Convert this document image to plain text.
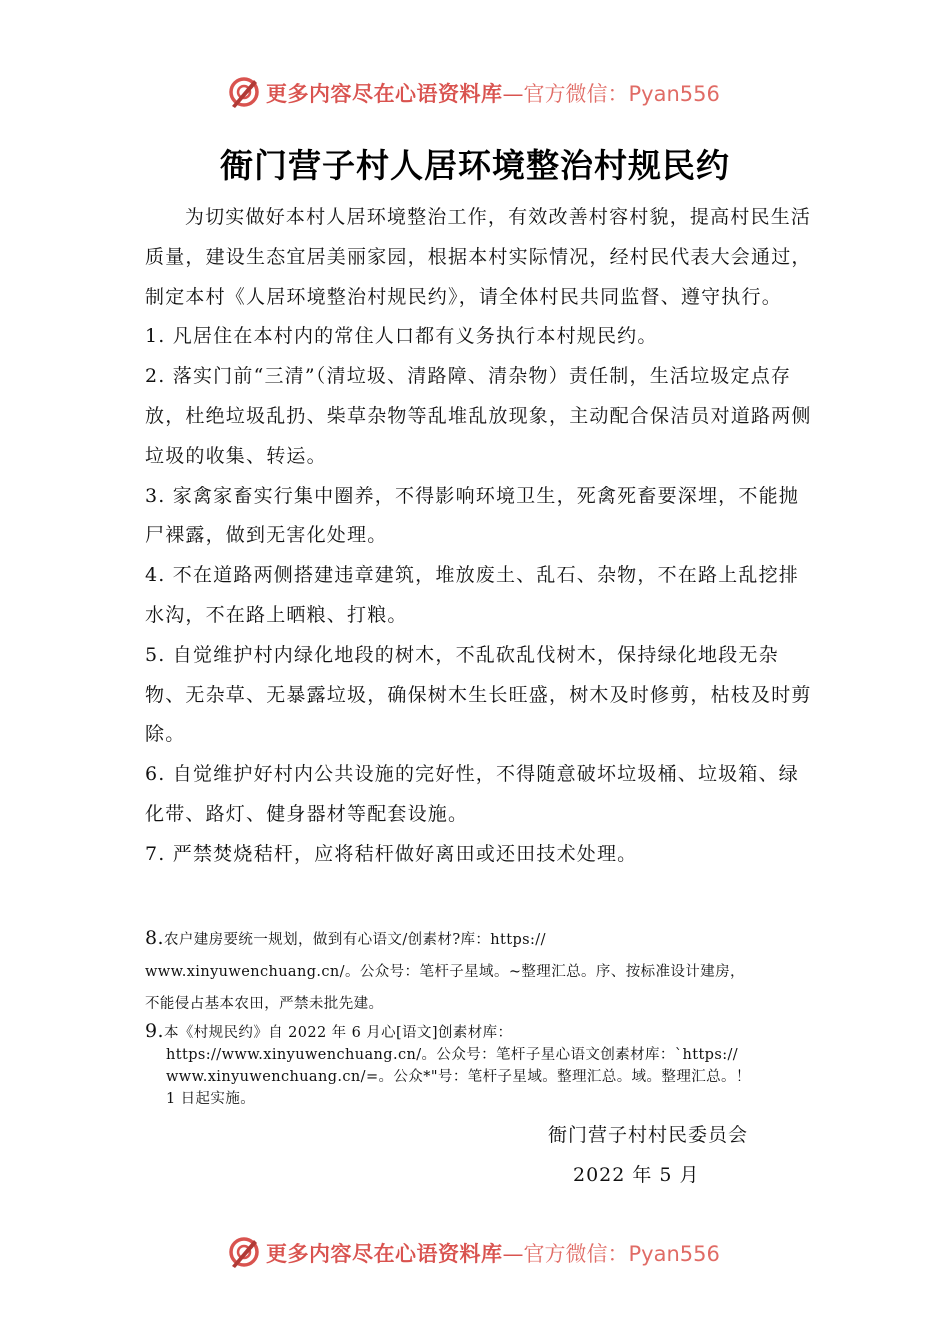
更多内容尽在心语资料库—官方微信：Pyan556
衙门营子村人居环境整治村规民约

为切实做好本村人居环境整治工作，有效改善村容村貌，提高村民生活质量，建设生态宜居美丽家园，根据本村实际情况，经村民代表大会通过，制定本村《人居环境整治村规民约》，请全体村民共同监督、遵守执行。

1. 凡居住在本村内的常住人口都有义务执行本村规民约。

2. 落实门前“三清”（清垃圾、清路障、清杂物）责任制，生活垃圾定点存放，杜绝垃圾乱扔、柴草杂物等乱堆乱放现象，主动配合保洁员对道路两侧垃圾的收集、转运。

3. 家禽家畜实行集中圈养，不得影响环境卫生，死禽死畜要深埋，不能抛尸裸露，做到无害化处理。

4. 不在道路两侧搭建违章建筑，堆放废土、乱石、杂物，不在路上乱挖排水沟，不在路上晒粮、打粮。

5. 自觉维护村内绿化地段的树木，不乱砍乱伐树木，保持绿化地段无杂物、无杂草、无暴露垃圾，确保树木生长旺盛，树木及时修剪，枯枝及时剪除。

6. 自觉维护好村内公共设施的完好性，不得随意破坏垃圾桶、垃圾箱、绿化带、路灯、健身器材等配套设施。

7. 严禁焚烧秸杆，应将秸杆做好离田或还田技术处理。

8.农户建房要统一规划，做到有心语文/创素材?库：https://
www.xinyuwenchuang.cn/。公众号：笔杆子星域。~整理汇总。序、按标准设计建房，
不能侵占基本农田，严禁未批先建。
9.本《村规民约》自 2022 年 6 月心[语文]创素材库：
https://www.xinyuwenchuang.cn/。公众号：笔杆子星心语文创素材库：`https://
www.xinyuwenchuang.cn/=。公众*"号：笔杆子星域。整理汇总。域。整理汇总。！
1 日起实施。
衙门营子村村民委员会
2022 年 5 月
更多内容尽在心语资料库—官方微信：Pyan556
